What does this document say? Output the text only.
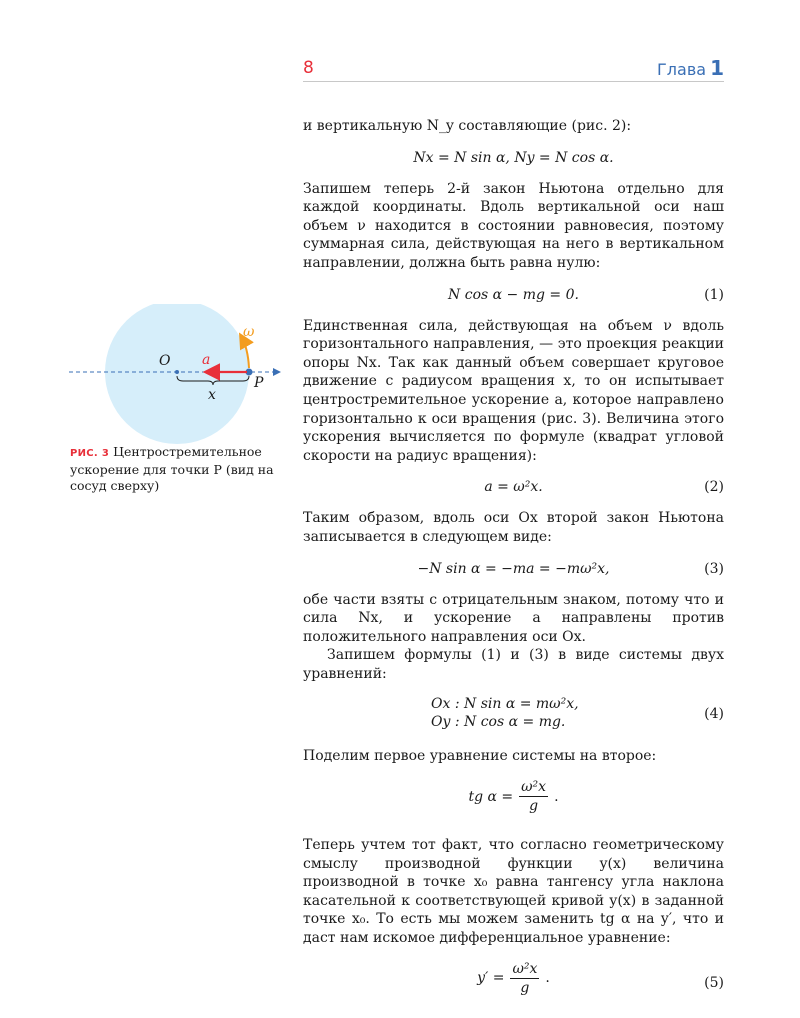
8	Глава 1
O a
P
ω
x
РИС. 3 Центростремительное ускорение для точки P (вид на сосуд сверху)

и вертикальную N_y составляющие (рис. 2):

Nx = N sin α, Ny = N cos α.

Запишем теперь 2-й закон Ньютона отдельно для каждой координаты. Вдоль вертикальной оси наш объем ν находится в состоянии равновесия, поэтому суммарная сила, действующая на него в вертикальном направлении, должна быть равна нулю:

N cos α − mg = 0.	(1)

Единственная сила, действующая на объем ν вдоль горизонтального направления, — это проекция реакции опоры Nx. Так как данный объем совершает круговое движение с радиусом вращения x, то он испытывает центростремительное ускорение a, которое направлено горизонтально к оси вращения (рис. 3). Величина этого ускорения вычисляется по формуле (квадрат угловой скорости на радиус вращения):

a = ω²x.	(2)

Таким образом, вдоль оси Ox второй закон Ньютона записывается в следующем виде:

−N sin α = −ma = −mω²x,	(3)

обе части взяты с отрицательным знаком, потому что и сила Nx, и ускорение a направлены против положительного направления оси Ox.

Запишем формулы (1) и (3) в виде системы двух уравнений:

Ox : N sin α = mω²x,
Oy : N cos α = mg.	(4)

Поделим первое уравнение системы на второе:

tg $\alpha = \frac{\text{ω²x}}{g}$ .

Теперь учтем тот факт, что согласно геометрическому смыслу производной функции y(x) величина производной в точке x₀ равна тангенсу угла наклона касательной к соответствующей кривой y(x) в заданной точке x₀. То есть мы можем заменить tg α на y′, что и даст нам искомое дифференциальное уравнение:

$y' = \frac{\text{ω²x}}{g}$ .	(5)
